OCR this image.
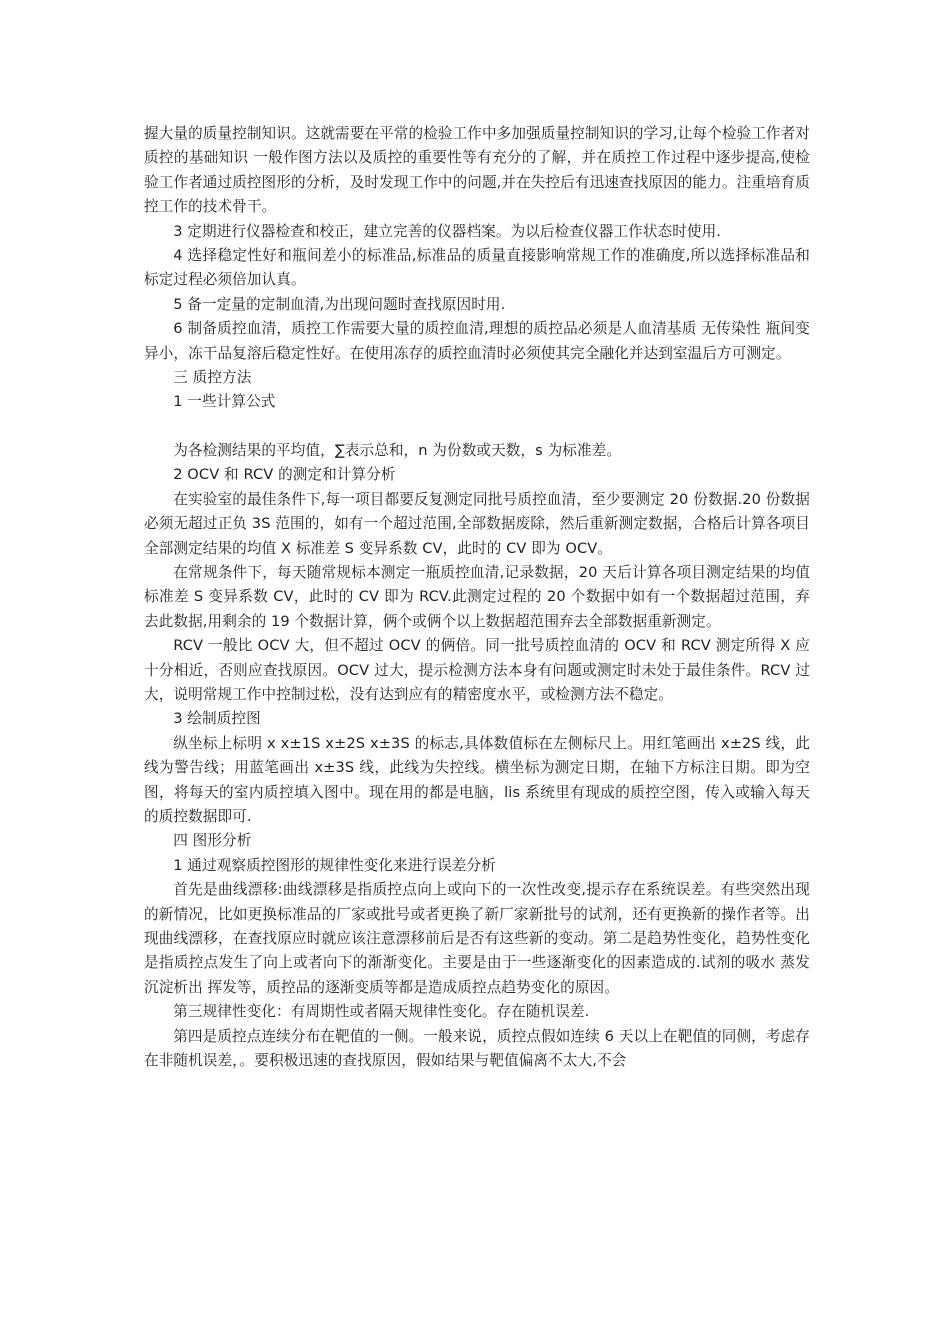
握大量的质量控制知识。这就需要在平常的检验工作中多加强质量控制知识的学习,让每个检验工作者对质控的基础知识 一般作图方法以及质控的重要性等有充分的了解，并在质控工作过程中逐步提高,使检验工作者通过质控图形的分析，及时发现工作中的问题,并在失控后有迅速查找原因的能力。注重培育质控工作的技术骨干。

3 定期进行仪器检查和校正，建立完善的仪器档案。为以后检查仪器工作状态时使用.

4 选择稳定性好和瓶间差小的标准品,标准品的质量直接影响常规工作的准确度,所以选择标准品和标定过程必须倍加认真。

5 备一定量的定制血清,为出现问题时查找原因时用.

6 制备质控血清，质控工作需要大量的质控血清,理想的质控品必须是人血清基质 无传染性 瓶间变异小，冻干品复溶后稳定性好。在使用冻存的质控血清时必须使其完全融化并达到室温后方可测定。

三 质控方法

1 一些计算公式

为各检测结果的平均值，∑表示总和，n 为份数或天数，s 为标准差。

2 OCV 和 RCV 的测定和计算分析

在实验室的最佳条件下,每一项目都要反复测定同批号质控血清，至少要测定 20 份数据.20 份数据必须无超过正负 3S 范围的，如有一个超过范围,全部数据废除，然后重新测定数据，合格后计算各项目全部测定结果的均值 X 标准差 S 变异系数 CV，此时的 CV 即为 OCV。

在常规条件下，每天随常规标本测定一瓶质控血清,记录数据，20 天后计算各项目测定结果的均值 标准差 S 变异系数 CV，此时的 CV 即为 RCV.此测定过程的 20 个数据中如有一个数据超过范围，弃去此数据,用剩余的 19 个数据计算，俩个或俩个以上数据超范围弃去全部数据重新测定。

RCV 一般比 OCV 大，但不超过 OCV 的俩倍。同一批号质控血清的 OCV 和 RCV 测定所得 X 应十分相近，否则应查找原因。OCV 过大，提示检测方法本身有问题或测定时未处于最佳条件。RCV 过大，说明常规工作中控制过松，没有达到应有的精密度水平，或检测方法不稳定。

3 绘制质控图

纵坐标上标明 x x±1S x±2S x±3S 的标志,具体数值标在左侧标尺上。用红笔画出 x±2S 线，此线为警告线；用蓝笔画出 x±3S 线，此线为失控线。横坐标为测定日期，在轴下方标注日期。即为空图，将每天的室内质控填入图中。现在用的都是电脑，lis 系统里有现成的质控空图，传入或输入每天的质控数据即可.

四 图形分析

1 通过观察质控图形的规律性变化来进行误差分析

首先是曲线漂移:曲线漂移是指质控点向上或向下的一次性改变,提示存在系统误差。有些突然出现的新情况，比如更换标准品的厂家或批号或者更换了新厂家新批号的试剂，还有更换新的操作者等。出现曲线漂移，在查找原应时就应该注意漂移前后是否有这些新的变动。第二是趋势性变化，趋势性变化是指质控点发生了向上或者向下的渐渐变化。主要是由于一些逐渐变化的因素造成的.试剂的吸水 蒸发 沉淀析出 挥发等，质控品的逐渐变质等都是造成质控点趋势变化的原因。

第三规律性变化：有周期性或者隔天规律性变化。存在随机误差.

第四是质控点连续分布在靶值的一侧。一般来说，质控点假如连续 6 天以上在靶值的同侧，考虑存在非随机误差，。要积极迅速的查找原因，假如结果与靶值偏离不太大,不会
